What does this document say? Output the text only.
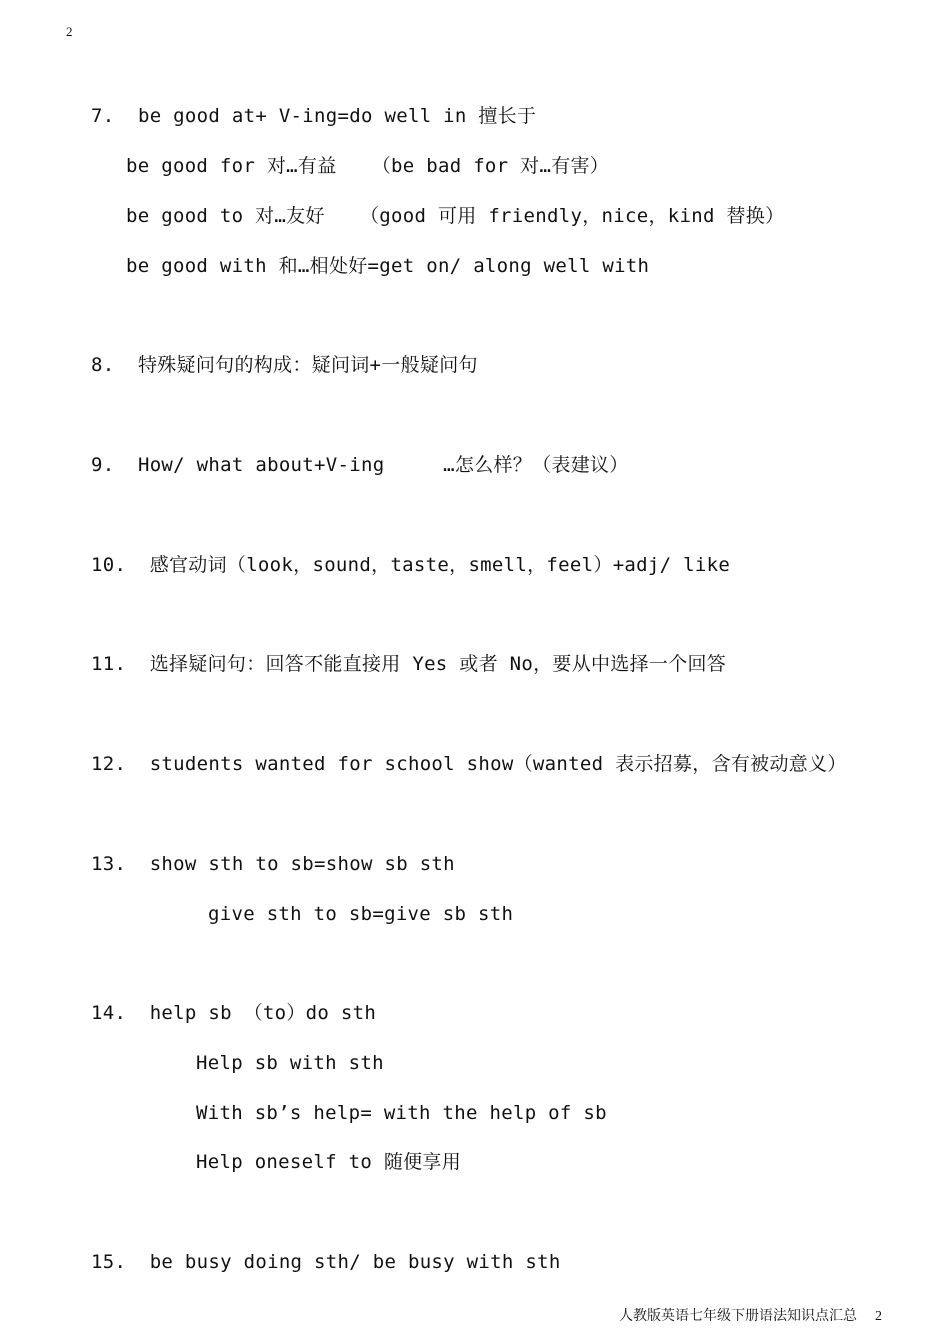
2
7.  be good at+ V-ing=do well in 擅长于
be good for 对…有益   （be bad for 对…有害）
be good to 对…友好   （good 可用 friendly，nice，kind 替换）
be good with 和…相处好=get on/ along well with
8.  特殊疑问句的构成：疑问词+一般疑问句
9.  How/ what about+V-ing     …怎么样？（表建议）
10.  感官动词（look，sound，taste，smell，feel）+adj/ like
11.  选择疑问句：回答不能直接用 Yes 或者 No，要从中选择一个回答
12.  students wanted for school show（wanted 表示招募，含有被动意义）
13.  show sth to sb=show sb sth
give sth to sb=give sb sth
14.  help sb （to）do sth
Help sb with sth
With sb’s help= with the help of sb
Help oneself to 随便享用
15.  be busy doing sth/ be busy with sth
人教版英语七年级下册语法知识点汇总 2
